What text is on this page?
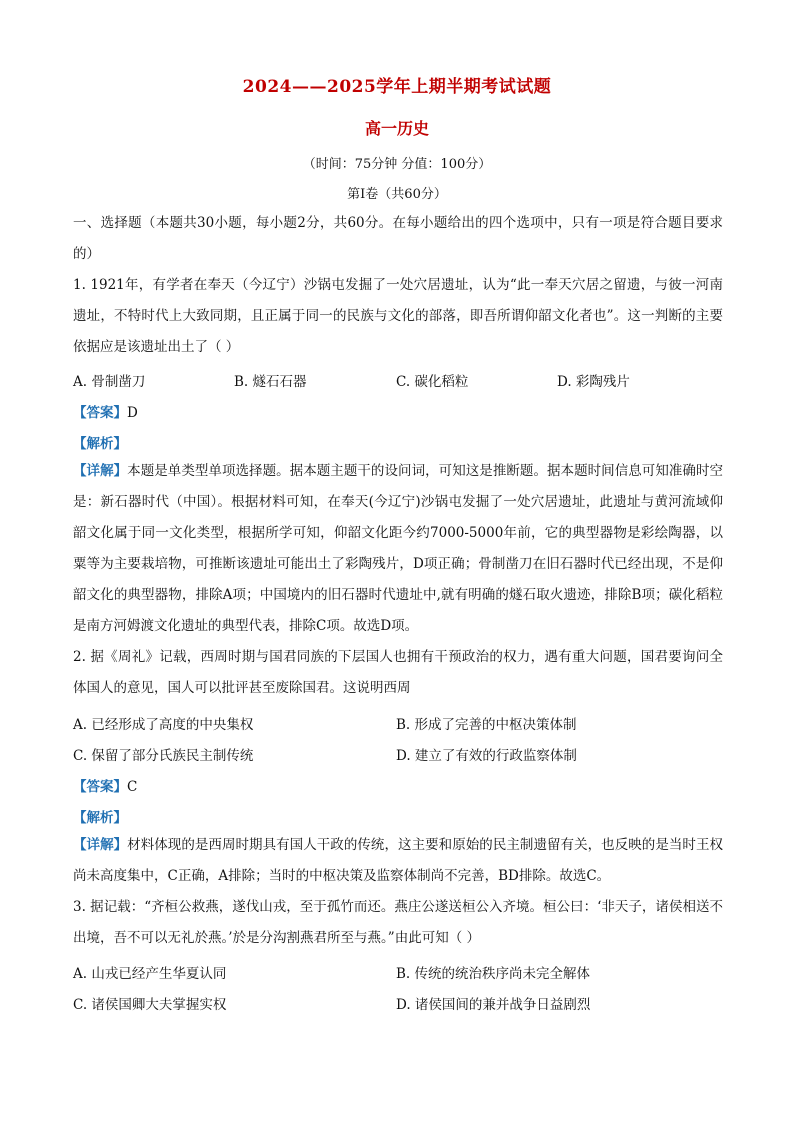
2024——2025学年上期半期考试试题
高一历史
（时间：75分钟 分值：100分）
第I卷（共60分）
一、选择题（本题共30小题，每小题2分，共60分。在每小题给出的四个选项中，只有一项是符合题目要求的）
1. 1921年，有学者在奉天（今辽宁）沙锅屯发掘了一处穴居遗址，认为“此一奉天穴居之留遗，与彼一河南遗址，不特时代上大致同期，且正属于同一的民族与文化的部落，即吾所谓仰韶文化者也”。这一判断的主要依据应是该遗址出土了（ ）
A. 骨制凿刀	B. 燧石石器	C. 碳化稻粒	D. 彩陶残片
【答案】D
【解析】
【详解】本题是单类型单项选择题。据本题主题干的设问词，可知这是推断题。据本题时间信息可知准确时空是：新石器时代（中国）。根据材料可知，在奉天(今辽宁)沙锅屯发掘了一处穴居遗址，此遗址与黄河流域仰韶文化属于同一文化类型，根据所学可知，仰韶文化距今约7000-5000年前，它的典型器物是彩绘陶器，以粟等为主要栽培物，可推断该遗址可能出土了彩陶残片，D项正确；骨制凿刀在旧石器时代已经出现，不是仰韶文化的典型器物，排除A项；中国境内的旧石器时代遗址中,就有明确的燧石取火遗迹，排除B项；碳化稻粒是南方河姆渡文化遗址的典型代表，排除C项。故选D项。
2. 据《周礼》记载，西周时期与国君同族的下层国人也拥有干预政治的权力，遇有重大问题，国君要询问全体国人的意见，国人可以批评甚至废除国君。这说明西周
A. 已经形成了高度的中央集权	B. 形成了完善的中枢决策体制
C. 保留了部分氏族民主制传统	D. 建立了有效的行政监察体制
【答案】C
【解析】
【详解】材料体现的是西周时期具有国人干政的传统，这主要和原始的民主制遗留有关，也反映的是当时王权尚未高度集中，C正确，A排除；当时的中枢决策及监察体制尚不完善，BD排除。故选C。
3. 据记载：“齐桓公救燕，遂伐山戎，至于孤竹而还。燕庄公遂送桓公入齐境。桓公曰：‘非天子，诸侯相送不出境，吾不可以无礼於燕。’於是分沟割燕君所至与燕。”由此可知（ ）
A. 山戎已经产生华夏认同	B. 传统的统治秩序尚未完全解体
C. 诸侯国卿大夫掌握实权	D. 诸侯国间的兼并战争日益剧烈
